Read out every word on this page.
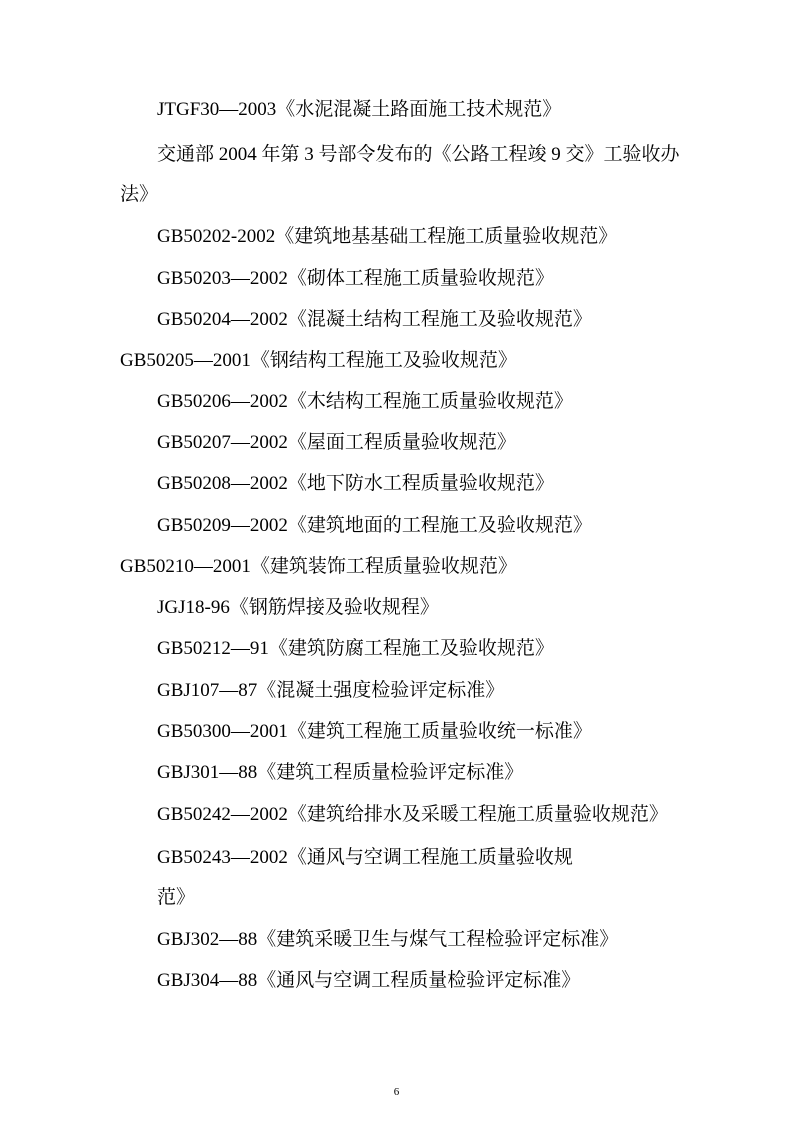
JTGF30—2003《水泥混凝土路面施工技术规范》
交通部 2004 年第 3 号部令发布的《公路工程竣 9 交》工验收办
法》
GB50202-2002《建筑地基基础工程施工质量验收规范》
GB50203—2002《砌体工程施工质量验收规范》
GB50204—2002《混凝土结构工程施工及验收规范》
GB50205—2001《钢结构工程施工及验收规范》
GB50206—2002《木结构工程施工质量验收规范》
GB50207—2002《屋面工程质量验收规范》
GB50208—2002《地下防水工程质量验收规范》
GB50209—2002《建筑地面的工程施工及验收规范》
GB50210—2001《建筑装饰工程质量验收规范》
JGJ18-96《钢筋焊接及验收规程》
GB50212—91《建筑防腐工程施工及验收规范》
GBJ107—87《混凝土强度检验评定标准》
GB50300—2001《建筑工程施工质量验收统一标准》
GBJ301—88《建筑工程质量检验评定标准》
GB50242—2002《建筑给排水及采暖工程施工质量验收规范》
GB50243—2002《通风与空调工程施工质量验收规
范》
GBJ302—88《建筑采暖卫生与煤气工程检验评定标准》
GBJ304—88《通风与空调工程质量检验评定标准》
6
